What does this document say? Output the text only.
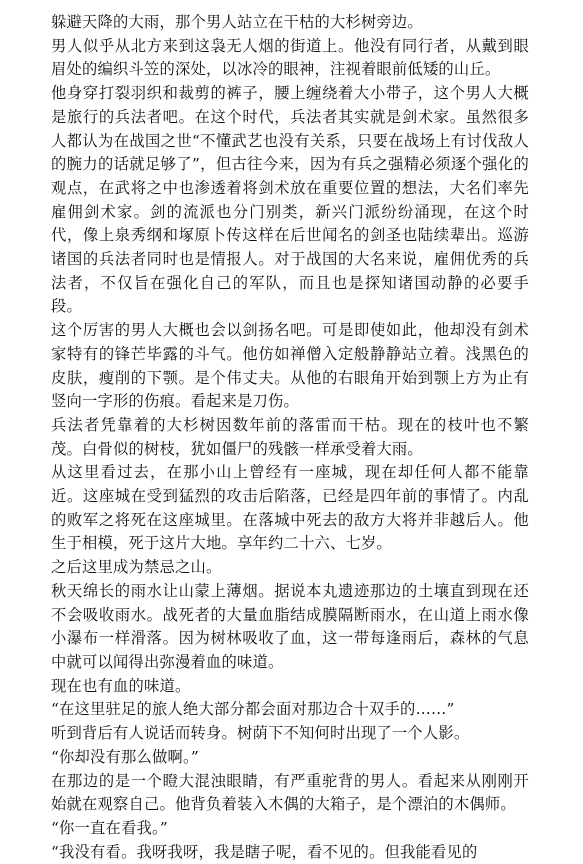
躲避天降的大雨，那个男人站立在干枯的大杉树旁边。

男人似乎从北方来到这袅无人烟的街道上。他没有同行者，从戴到眼眉处的编织斗笠的深处，以冰冷的眼神，注视着眼前低矮的山丘。

他身穿打裂羽织和裁剪的裤子，腰上缠绕着大小带子，这个男人大概是旅行的兵法者吧。在这个时代，兵法者其实就是剑术家。虽然很多人都认为在战国之世“不懂武艺也没有关系，只要在战场上有讨伐敌人的腕力的话就足够了”，但古往今来，因为有兵之强精必须逐个强化的观点，在武将之中也渗透着将剑术放在重要位置的想法，大名们率先雇佣剑术家。剑的流派也分门别类，新兴门派纷纷涌现，在这个时代，像上泉秀纲和塚原卜传这样在后世闻名的剑圣也陆续辈出。巡游诸国的兵法者同时也是情报人。对于战国的大名来说，雇佣优秀的兵法者，不仅旨在强化自己的军队，而且也是探知诸国动静的必要手段。

这个厉害的男人大概也会以剑扬名吧。可是即使如此，他却没有剑术家特有的锋芒毕露的斗气。他仿如禅僧入定般静静站立着。浅黑色的皮肤，瘦削的下颚。是个伟丈夫。从他的右眼角开始到颚上方为止有竖向一字形的伤痕。看起来是刀伤。

兵法者凭靠着的大杉树因数年前的落雷而干枯。现在的枝叶也不繁茂。白骨似的树枝，犹如僵尸的残骸一样承受着大雨。

从这里看过去，在那小山上曾经有一座城，现在却任何人都不能靠近。这座城在受到猛烈的攻击后陷落，已经是四年前的事情了。内乱的败军之将死在这座城里。在落城中死去的敌方大将并非越后人。他生于相模，死于这片大地。享年约二十六、七岁。

之后这里成为禁忌之山。

秋天绵长的雨水让山蒙上薄烟。据说本丸遗迹那边的土壤直到现在还不会吸收雨水。战死者的大量血脂结成膜隔断雨水，在山道上雨水像小瀑布一样滑落。因为树林吸收了血，这一带每逢雨后，森林的气息中就可以闻得出弥漫着血的味道。

现在也有血的味道。

“在这里驻足的旅人绝大部分都会面对那边合十双手的……”

听到背后有人说话而转身。树荫下不知何时出现了一个人影。

“你却没有那么做啊。”

在那边的是一个瞪大混浊眼睛，有严重驼背的男人。看起来从刚刚开始就在观察自己。他背负着装入木偶的大箱子，是个漂泊的木偶师。

“你一直在看我。”

“我没有看。我呀我呀，我是瞎子呢，看不见的。但我能看见的
